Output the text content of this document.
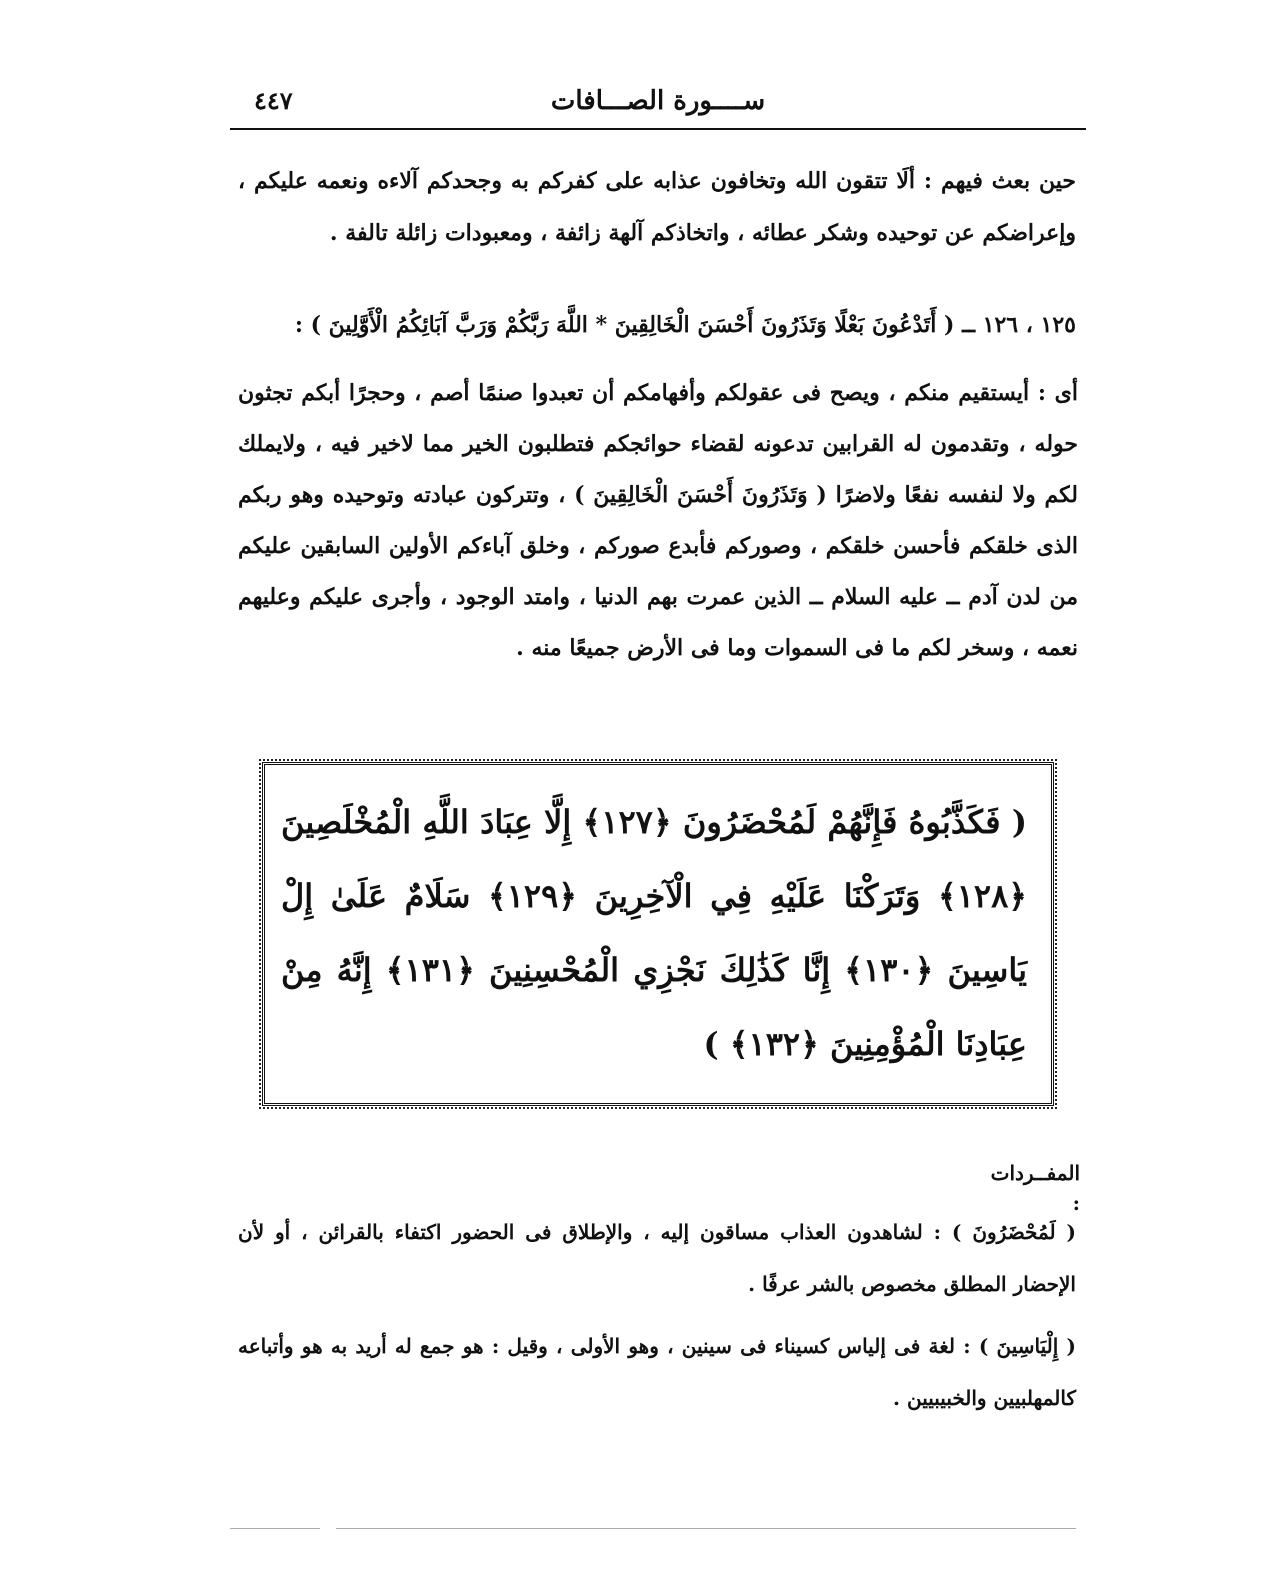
ســــورة الصـــافات
٤٤٧
حين بعث فيهم : ألَا تتقون الله وتخافون عذابه على كفركم به وجحدكم آلاءه ونعمه عليكم ، وإعراضكم عن توحيده وشكر عطائه ، واتخاذكم آلهة زائفة ، ومعبودات زائلة تالفة .
١٢٥ ، ١٢٦ ــ ( أَتَدْعُونَ بَعْلًا وَتَذَرُونَ أَحْسَنَ الْخَالِقِينَ * اللَّهَ رَبَّكُمْ وَرَبَّ آبَائِكُمُ الْأَوَّلِينَ ) :
أى : أيستقيم منكم ، ويصح فى عقولكم وأفهامكم أن تعبدوا صنمًا أصم ، وحجرًا أبكم تجثون حوله ، وتقدمون له القرابين تدعونه لقضاء حوائجكم فتطلبون الخير مما لاخير فيه ، ولايملك لكم ولا لنفسه نفعًا ولاضرًا ( وَتَذَرُونَ أَحْسَنَ الْخَالِقِينَ ) ، وتتركون عبادته وتوحيده وهو ربكم الذى خلقكم فأحسن خلقكم ، وصوركم فأبدع صوركم ، وخلق آباءكم الأولين السابقين عليكم من لدن آدم ــ عليه السلام ــ الذين عمرت بهم الدنيا ، وامتد الوجود ، وأجرى عليكم وعليهم نعمه ، وسخر لكم ما فى السموات وما فى الأرض جميعًا منه .
( فَكَذَّبُوهُ فَإِنَّهُمْ لَمُحْضَرُونَ ﴿١٢٧﴾ إِلَّا عِبَادَ اللَّهِ الْمُخْلَصِينَ ﴿١٢٨﴾ وَتَرَكْنَا عَلَيْهِ فِي الْآخِرِينَ ﴿١٢٩﴾ سَلَامٌ عَلَىٰ إِلْ يَاسِينَ ﴿١٣٠﴾ إِنَّا كَذَٰلِكَ نَجْزِي الْمُحْسِنِينَ ﴿١٣١﴾ إِنَّهُ مِنْ عِبَادِنَا الْمُؤْمِنِينَ ﴿١٣٢﴾ )
المفــردات :
( لَمُحْضَرُونَ ) : لشاهدون العذاب مساقون إليه ، والإطلاق فى الحضور اكتفاء بالقرائن ، أو لأن الإحضار المطلق مخصوص بالشر عرفًا .
( إِلْيَاسِينَ ) : لغة فى إلياس كسيناء فى سينين ، وهو الأولى ، وقيل : هو جمع له أريد به هو وأتباعه كالمهلبيين والخبيبيين .
